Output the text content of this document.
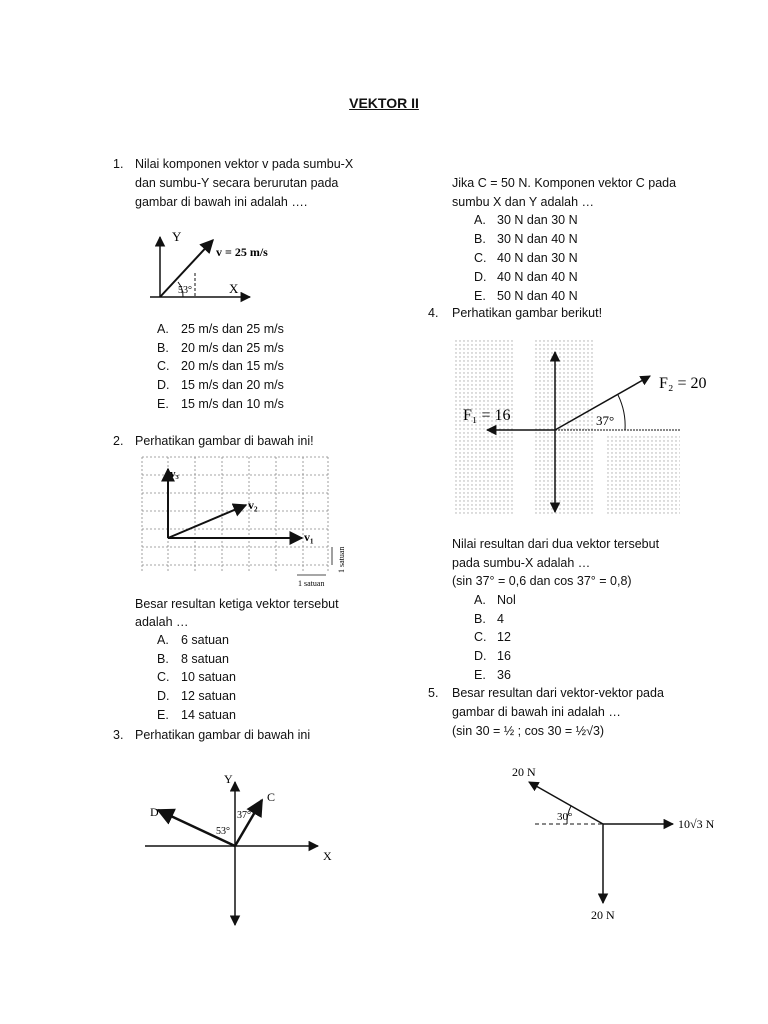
VEKTOR II
1. Nilai komponen vektor v pada sumbu-X
dan sumbu-Y secara berurutan pada
gambar di bawah ini adalah ….
Y
X
v = 25 m/s
53°
A. 25 m/s dan 25 m/s
B. 20 m/s dan 25 m/s
C. 20 m/s dan 15 m/s
D. 15 m/s dan 20 m/s
E. 15 m/s dan 10 m/s
2. Perhatikan gambar di bawah ini!
v₃
v₂
v₁
1 satuan
1 satuan
Besar resultan ketiga vektor tersebut
adalah …
A. 6 satuan
B. 8 satuan
C. 10 satuan
D. 12 satuan
E. 14 satuan
3. Perhatikan gambar di bawah ini
Y
X
C
D	37°
53°
Jika C = 50 N. Komponen vektor C pada
sumbu X dan Y adalah …
A. 30 N dan 30 N
B. 30 N dan 40 N
C. 40 N dan 30 N
D. 40 N dan 40 N
E. 50 N dan 40 N
4. Perhatikan gambar berikut!
F₁ = 16
F₂ = 20
37°
Nilai resultan dari dua vektor tersebut
pada sumbu-X adalah …
(sin 37° = 0,6 dan cos 37° = 0,8)
A. Nol
B. 4
C. 12
D. 16
E. 36
5. Besar resultan dari vektor-vektor pada
gambar di bawah ini adalah …
(sin 30 = ½ ; cos 30 = ½√3)
20 N
10√3 N
20 N
30°
